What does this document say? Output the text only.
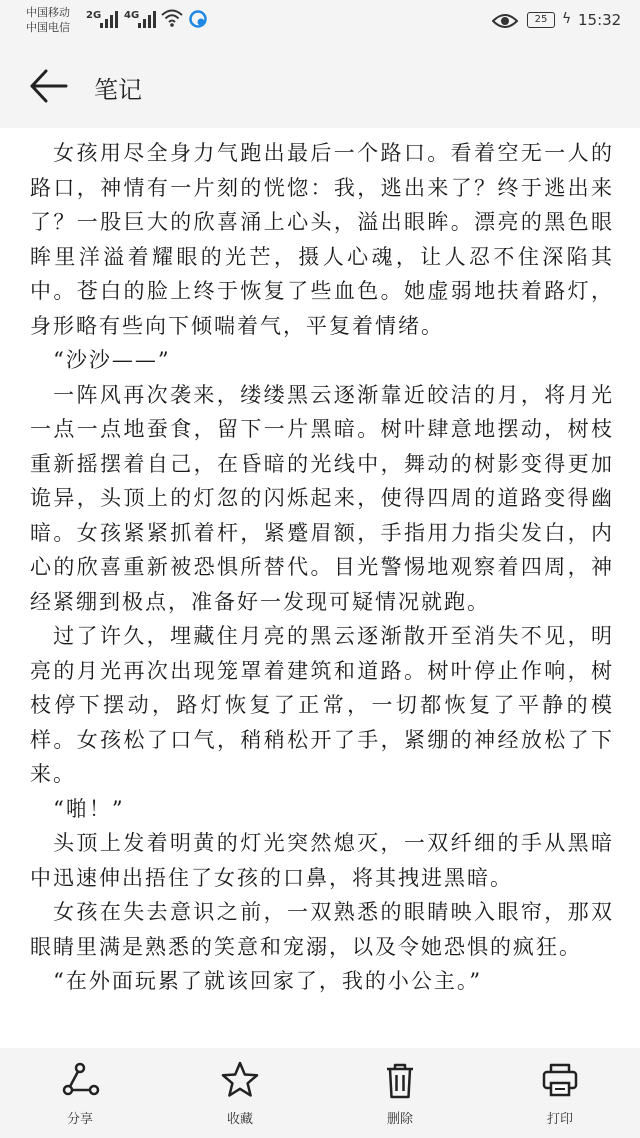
中国移动
中国电信
2G 4G	25	ϟ 15:32
笔记

女孩用尽全身力气跑出最后一个路口。看着空无一人的路口，神情有一片刻的恍惚：我，逃出来了？终于逃出来了？一股巨大的欣喜涌上心头，溢出眼眸。漂亮的黑色眼眸里洋溢着耀眼的光芒，摄人心魂，让人忍不住深陷其中。苍白的脸上终于恢复了些血色。她虚弱地扶着路灯，身形略有些向下倾喘着气，平复着情绪。

“沙沙——”

一阵风再次袭来，缕缕黑云逐渐靠近皎洁的月，将月光一点一点地蚕食，留下一片黑暗。树叶肆意地摆动，树枝重新摇摆着自己，在昏暗的光线中，舞动的树影变得更加诡异，头顶上的灯忽的闪烁起来，使得四周的道路变得幽暗。女孩紧紧抓着杆，紧蹙眉额，手指用力指尖发白，内心的欣喜重新被恐惧所替代。目光警惕地观察着四周，神经紧绷到极点，准备好一发现可疑情况就跑。

过了许久，埋藏住月亮的黑云逐渐散开至消失不见，明亮的月光再次出现笼罩着建筑和道路。树叶停止作响，树枝停下摆动，路灯恢复了正常，一切都恢复了平静的模样。女孩松了口气，稍稍松开了手，紧绷的神经放松了下来。

“啪！”

头顶上发着明黄的灯光突然熄灭，一双纤细的手从黑暗中迅速伸出捂住了女孩的口鼻，将其拽进黑暗。

女孩在失去意识之前，一双熟悉的眼睛映入眼帘，那双眼睛里满是熟悉的笑意和宠溺，以及令她恐惧的疯狂。

“在外面玩累了就该回家了，我的小公主。”

分享	收藏	删除	打印
